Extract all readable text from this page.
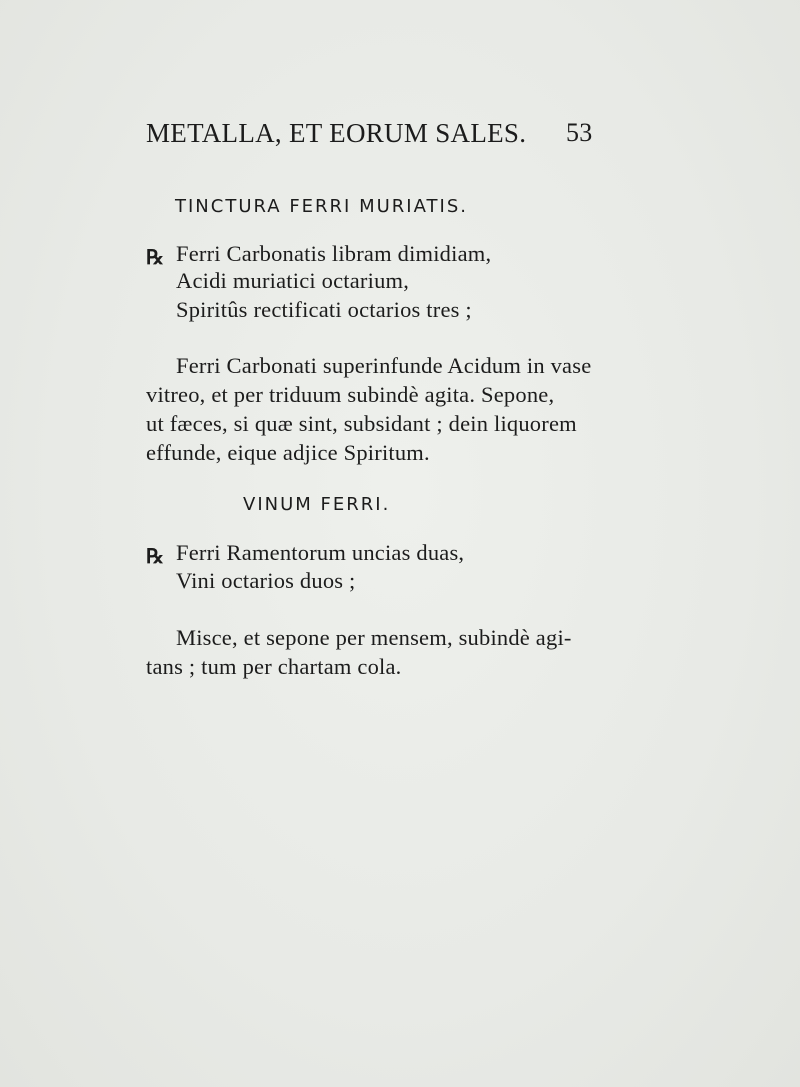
METALLA, ET EORUM SALES. 53
TINCTURA FERRI MURIATIS.
℞ Ferri Carbonatis libram dimidiam,
Acidi muriatici octarium,
Spiritûs rectificati octarios tres ;
Ferri Carbonati superinfunde Acidum in vase
vitreo, et per triduum subindè agita. Sepone,
ut fæces, si quæ sint, subsidant ; dein liquorem
effunde, eique adjice Spiritum.
VINUM FERRI.
℞ Ferri Ramentorum uncias duas,
Vini octarios duos ;
Misce, et sepone per mensem, subindè agi-
tans ; tum per chartam cola.
